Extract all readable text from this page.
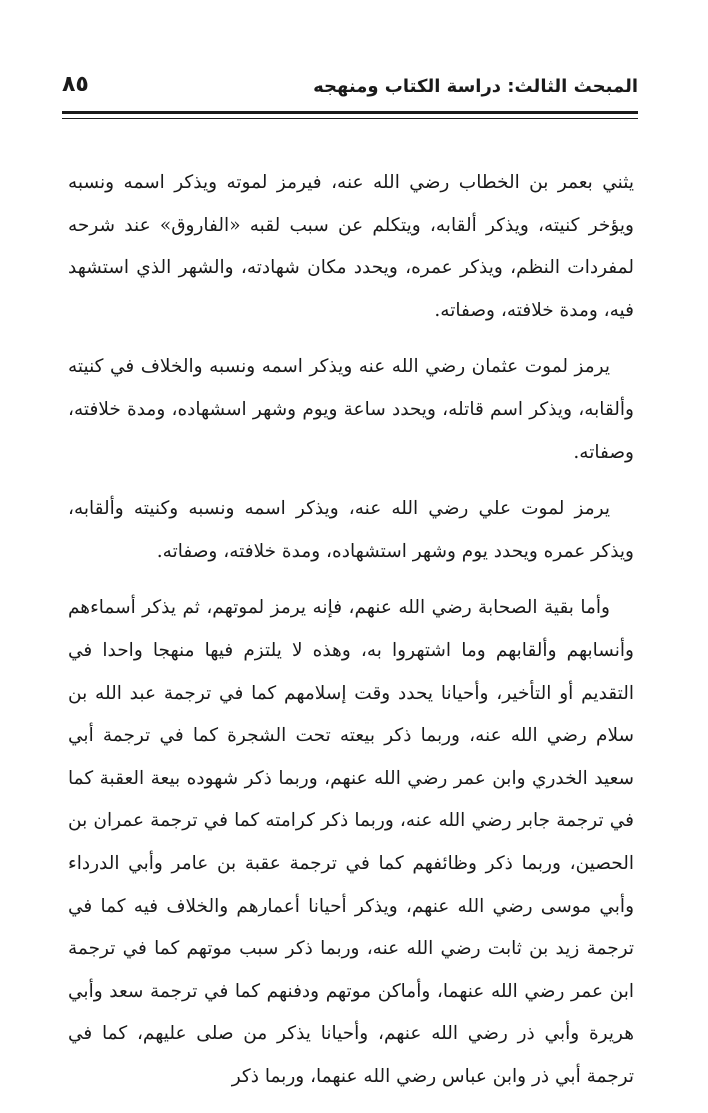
المبحث الثالث: دراسة الكتاب ومنهجه
٨٥

يثني بعمر بن الخطاب رضي الله عنه، فيرمز لموته ويذكر اسمه ونسبه ويؤخر كنيته، ويذكر ألقابه، ويتكلم عن سبب لقبه «الفاروق» عند شرحه لمفردات النظم، ويذكر عمره، ويحدد مكان شهادته، والشهر الذي استشهد فيه، ومدة خلافته، وصفاته.

يرمز لموت عثمان رضي الله عنه ويذكر اسمه ونسبه والخلاف في كنيته وألقابه، ويذكر اسم قاتله، ويحدد ساعة ويوم وشهر اسشهاده، ومدة خلافته، وصفاته.

يرمز لموت علي رضي الله عنه، ويذكر اسمه ونسبه وكنيته وألقابه، ويذكر عمره ويحدد يوم وشهر استشهاده، ومدة خلافته، وصفاته.

وأما بقية الصحابة رضي الله عنهم، فإنه يرمز لموتهم، ثم يذكر أسماءهم وأنسابهم وألقابهم وما اشتهروا به، وهذه لا يلتزم فيها منهجا واحدا في التقديم أو التأخير، وأحيانا يحدد وقت إسلامهم كما في ترجمة عبد الله بن سلام رضي الله عنه، وربما ذكر بيعته تحت الشجرة كما في ترجمة أبي سعيد الخدري وابن عمر رضي الله عنهم، وربما ذكر شهوده بيعة العقبة كما في ترجمة جابر رضي الله عنه، وربما ذكر كرامته كما في ترجمة عمران بن الحصين، وربما ذكر وظائفهم كما في ترجمة عقبة بن عامر وأبي الدرداء وأبي موسى رضي الله عنهم، ويذكر أحيانا أعمارهم والخلاف فيه كما في ترجمة زيد بن ثابت رضي الله عنه، وربما ذكر سبب موتهم كما في ترجمة ابن عمر رضي الله عنهما، وأماكن موتهم ودفنهم كما في ترجمة سعد وأبي هريرة وأبي ذر رضي الله عنهم، وأحيانا يذكر من صلى عليهم، كما في ترجمة أبي ذر وابن عباس رضي الله عنهما، وربما ذكر
